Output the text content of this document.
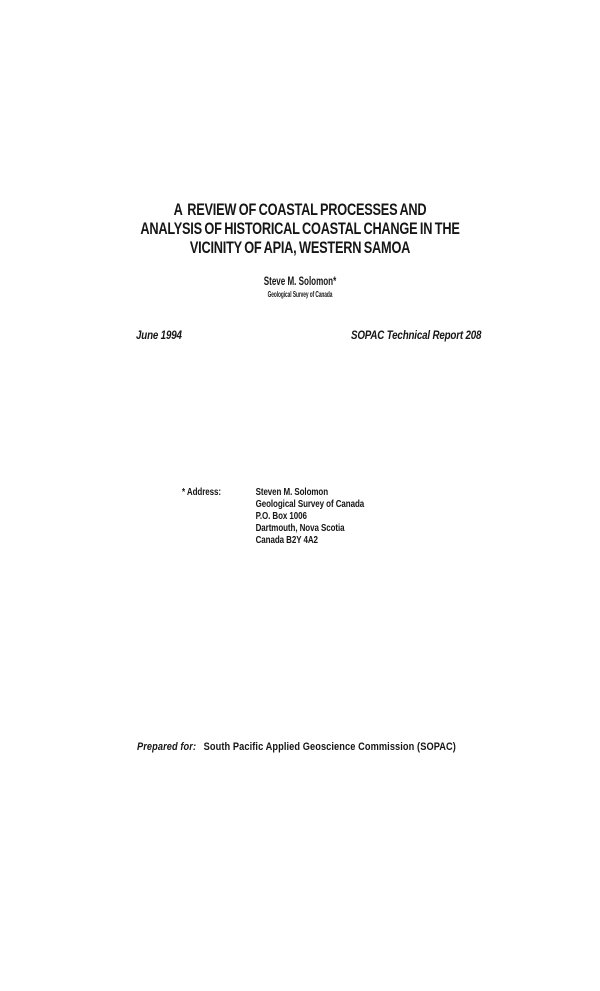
A  REVIEW OF COASTAL PROCESSES AND
ANALYSIS OF HISTORICAL COASTAL CHANGE IN THE
VICINITY OF APIA, WESTERN SAMOA
Steve M. Solomon*
Geological Survey of Canada
June 1994	SOPAC Technical Report 208
* Address:	Steven M. Solomon
Geological Survey of Canada
P.O. Box 1006
Dartmouth, Nova Scotia
Canada B2Y 4A2
Prepared for: South Pacific Applied Geoscience Commission (SOPAC)
